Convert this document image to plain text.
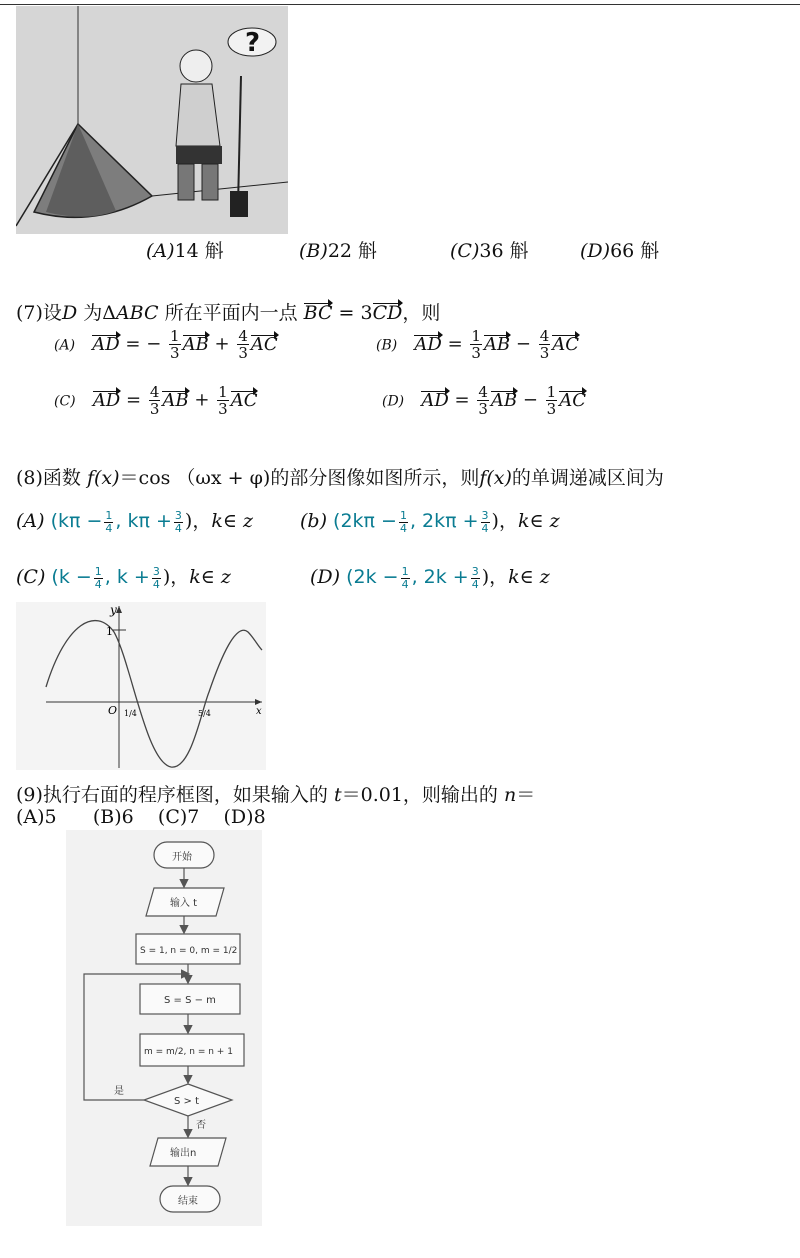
?
(A)14 斛	(B)22 斛	(C)36 斛	(D)66 斛
(7)设D 为ΔABC 所在平面内一点 BC = 3CD，则
(A) AD = − $\frac{1}{3}$ AB + $\frac{4}{3}$ AC	(B) AD = $\frac{1}{3}$ AB − $\frac{4}{3}$ AC
(C) AD = $\frac{4}{3}$ AB + $\frac{1}{3}$ AC	(D) AD = $\frac{4}{3}$ AB − $\frac{1}{3}$ AC
(8)函数 f(x)＝cos （ωx + φ)的部分图像如图所示，则f(x)的单调递减区间为
(A) ($k\pi - \frac{1}{4}$ , $k\pi + \frac{3}{4}$ )，k∈ z (b) ($2k\pi - \frac{1}{4}$ , $2k\pi + \frac{3}{4}$ )，k∈ z
(C) ($k - \frac{1}{4}$ , $k + \frac{3}{4}$ )，k∈ z	(D) ($2k - \frac{1}{4}$ , $2k + \frac{3}{4}$ )，k∈ z
y
1
O	x
1/4	5/4
(9)执行右面的程序框图，如果输入的 t＝0.01，则输出的 n＝
(A)5      (B)6    (C)7    (D)8
开始
输入 t
S = 1, n = 0, m = 1/2
S = S − m
m = m/2, n = n + 1
S > t
是
否
输出n
结束
